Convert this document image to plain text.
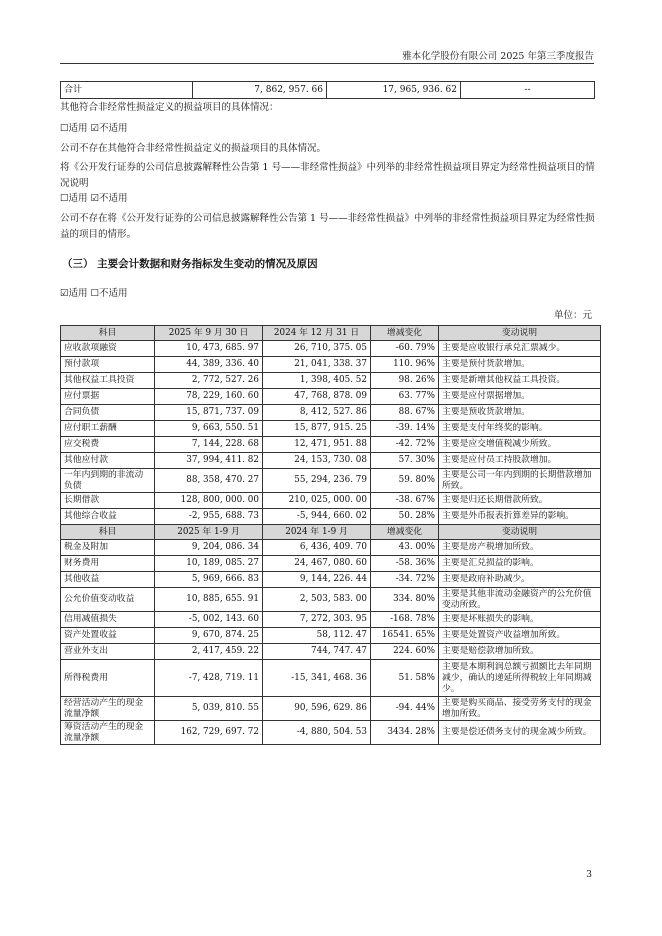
雅本化学股份有限公司 2025 年第三季度报告
合计	7, 862, 957. 66	17, 965, 936. 62	--
其他符合非经常性损益定义的损益项目的具体情况：
☐适用 ☑不适用
公司不存在其他符合非经常性损益定义的损益项目的具体情况。
将《公开发行证券的公司信息披露解释性公告第 1 号——非经常性损益》中列举的非经常性损益项目界定为经常性损益项目的情况说明
☐适用 ☑不适用
公司不存在将《公开发行证券的公司信息披露解释性公告第 1 号——非经常性损益》中列举的非经常性损益项目界定为经常性损益的项目的情形。
（三） 主要会计数据和财务指标发生变动的情况及原因
☑适用 ☐不适用
单位：元
科目	2025 年 9 月 30 日	2024 年 12 月 31 日	增减变化	变动说明
应收款项融资	10, 473, 685. 97	26, 710, 375. 05	-60. 79%	主要是应收银行承兑汇票减少。
预付款项	44, 389, 336. 40	21, 041, 338. 37	110. 96%	主要是预付货款增加。
其他权益工具投资	2, 772, 527. 26	1, 398, 405. 52	98. 26%	主要是新增其他权益工具投资。
应付票据	78, 229, 160. 60	47, 768, 878. 09	63. 77%	主要是应付票据增加。
合同负债	15, 871, 737. 09	8, 412, 527. 86	88. 67%	主要是预收货款增加。
应付职工薪酬	9, 663, 550. 51	15, 877, 915. 25	-39. 14%	主要是支付年终奖的影响。
应交税费	7, 144, 228. 68	12, 471, 951. 88	-42. 72%	主要是应交增值税减少所致。
其他应付款	37, 994, 411. 82	24, 153, 730. 08	57. 30%	主要是应付员工持股款增加。
一年内到期的非流动负债	88, 358, 470. 27	55, 294, 236. 79	59. 80%	主要是公司一年内到期的长期借款增加所致。
长期借款	128, 800, 000. 00	210, 025, 000. 00	-38. 67%	主要是归还长期借款所致。
其他综合收益	-2, 955, 688. 73	-5, 944, 660. 02	50. 28%	主要是外币报表折算差异的影响。
科目	2025 年 1-9 月	2024 年 1-9 月	增减变化	变动说明
税金及附加	9, 204, 086. 34	6, 436, 409. 70	43. 00%	主要是房产税增加所致。
财务费用	10, 189, 085. 27	24, 467, 080. 60	-58. 36%	主要是汇兑损益的影响。
其他收益	5, 969, 666. 83	9, 144, 226. 44	-34. 72%	主要是政府补助减少。
公允价值变动收益	10, 885, 655. 91	2, 503, 583. 00	334. 80%	主要是其他非流动金融资产的公允价值变动所致。
信用减值损失	-5, 002, 143. 60	7, 272, 303. 95	-168. 78%	主要是坏账损失的影响。
资产处置收益	9, 670, 874. 25	58, 112. 47	16541. 65%	主要是处置资产收益增加所致。
营业外支出	2, 417, 459. 22	744, 747. 47	224. 60%	主要是赔偿款增加所致。
所得税费用	-7, 428, 719. 11	-15, 341, 468. 36	51. 58%	主要是本期利润总额亏损额比去年同期减少，确认的递延所得税较上年同期减少。
经营活动产生的现金流量净额	5, 039, 810. 55	90, 596, 629. 86	-94. 44%	主要是购买商品、接受劳务支付的现金增加所致。
筹资活动产生的现金流量净额	162, 729, 697. 72	-4, 880, 504. 53	3434. 28%	主要是偿还债务支付的现金减少所致。
3
